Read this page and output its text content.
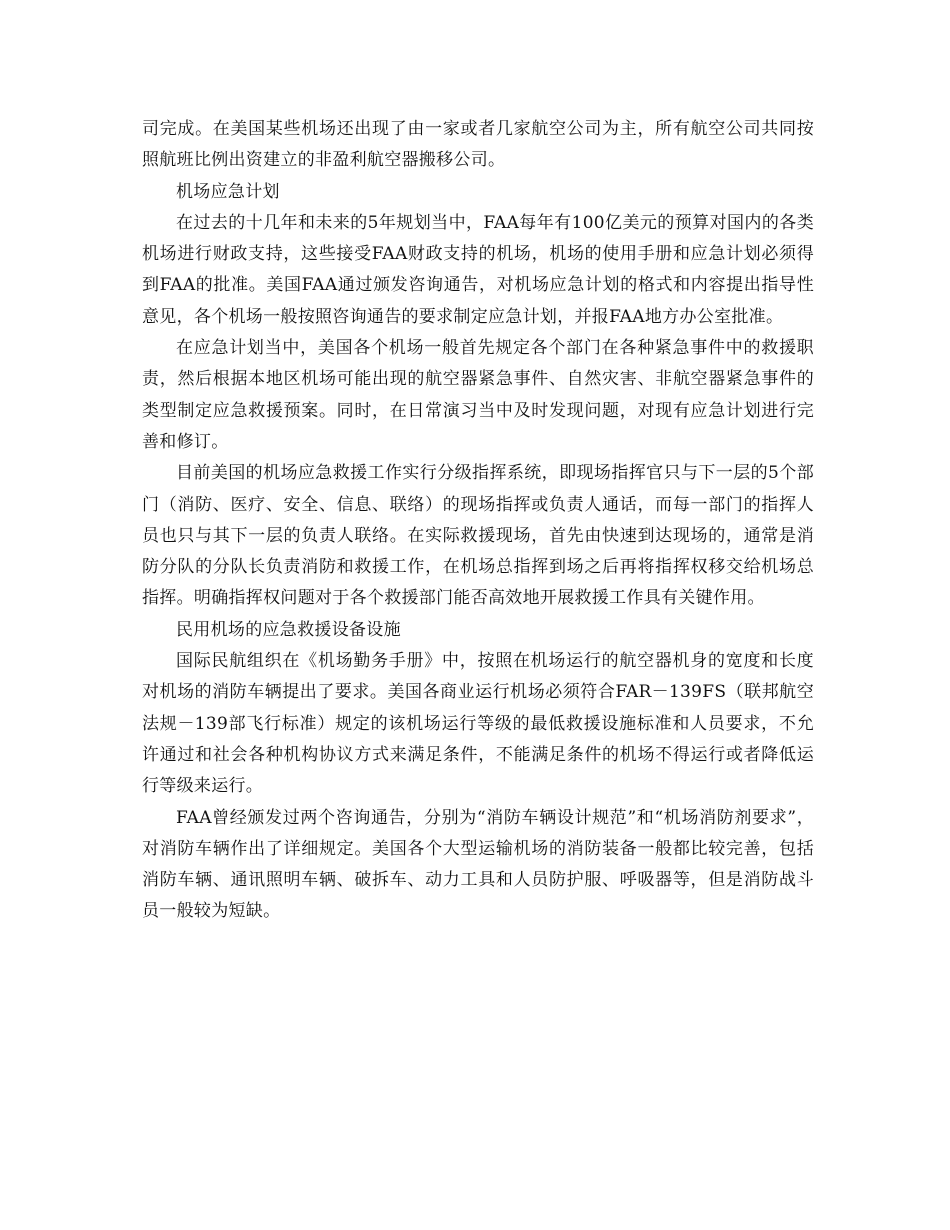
司完成。在美国某些机场还出现了由一家或者几家航空公司为主，所有航空公司共同按照航班比例出资建立的非盈利航空器搬移公司。

机场应急计划

在过去的十几年和未来的5年规划当中，FAA每年有100亿美元的预算对国内的各类机场进行财政支持，这些接受FAA财政支持的机场，机场的使用手册和应急计划必须得到FAA的批准。美国FAA通过颁发咨询通告，对机场应急计划的格式和内容提出指导性意见，各个机场一般按照咨询通告的要求制定应急计划，并报FAA地方办公室批准。

在应急计划当中，美国各个机场一般首先规定各个部门在各种紧急事件中的救援职责，然后根据本地区机场可能出现的航空器紧急事件、自然灾害、非航空器紧急事件的类型制定应急救援预案。同时，在日常演习当中及时发现问题，对现有应急计划进行完善和修订。

目前美国的机场应急救援工作实行分级指挥系统，即现场指挥官只与下一层的5个部门（消防、医疗、安全、信息、联络）的现场指挥或负责人通话，而每一部门的指挥人员也只与其下一层的负责人联络。在实际救援现场，首先由快速到达现场的，通常是消防分队的分队长负责消防和救援工作，在机场总指挥到场之后再将指挥权移交给机场总指挥。明确指挥权问题对于各个救援部门能否高效地开展救援工作具有关键作用。

民用机场的应急救援设备设施

国际民航组织在《机场勤务手册》中，按照在机场运行的航空器机身的宽度和长度对机场的消防车辆提出了要求。美国各商业运行机场必须符合FAR－139FS（联邦航空法规－139部飞行标准）规定的该机场运行等级的最低救援设施标准和人员要求，不允许通过和社会各种机构协议方式来满足条件，不能满足条件的机场不得运行或者降低运行等级来运行。

FAA曾经颁发过两个咨询通告，分别为“消防车辆设计规范”和“机场消防剂要求”，对消防车辆作出了详细规定。美国各个大型运输机场的消防装备一般都比较完善，包括消防车辆、通讯照明车辆、破拆车、动力工具和人员防护服、呼吸器等，但是消防战斗员一般较为短缺。
